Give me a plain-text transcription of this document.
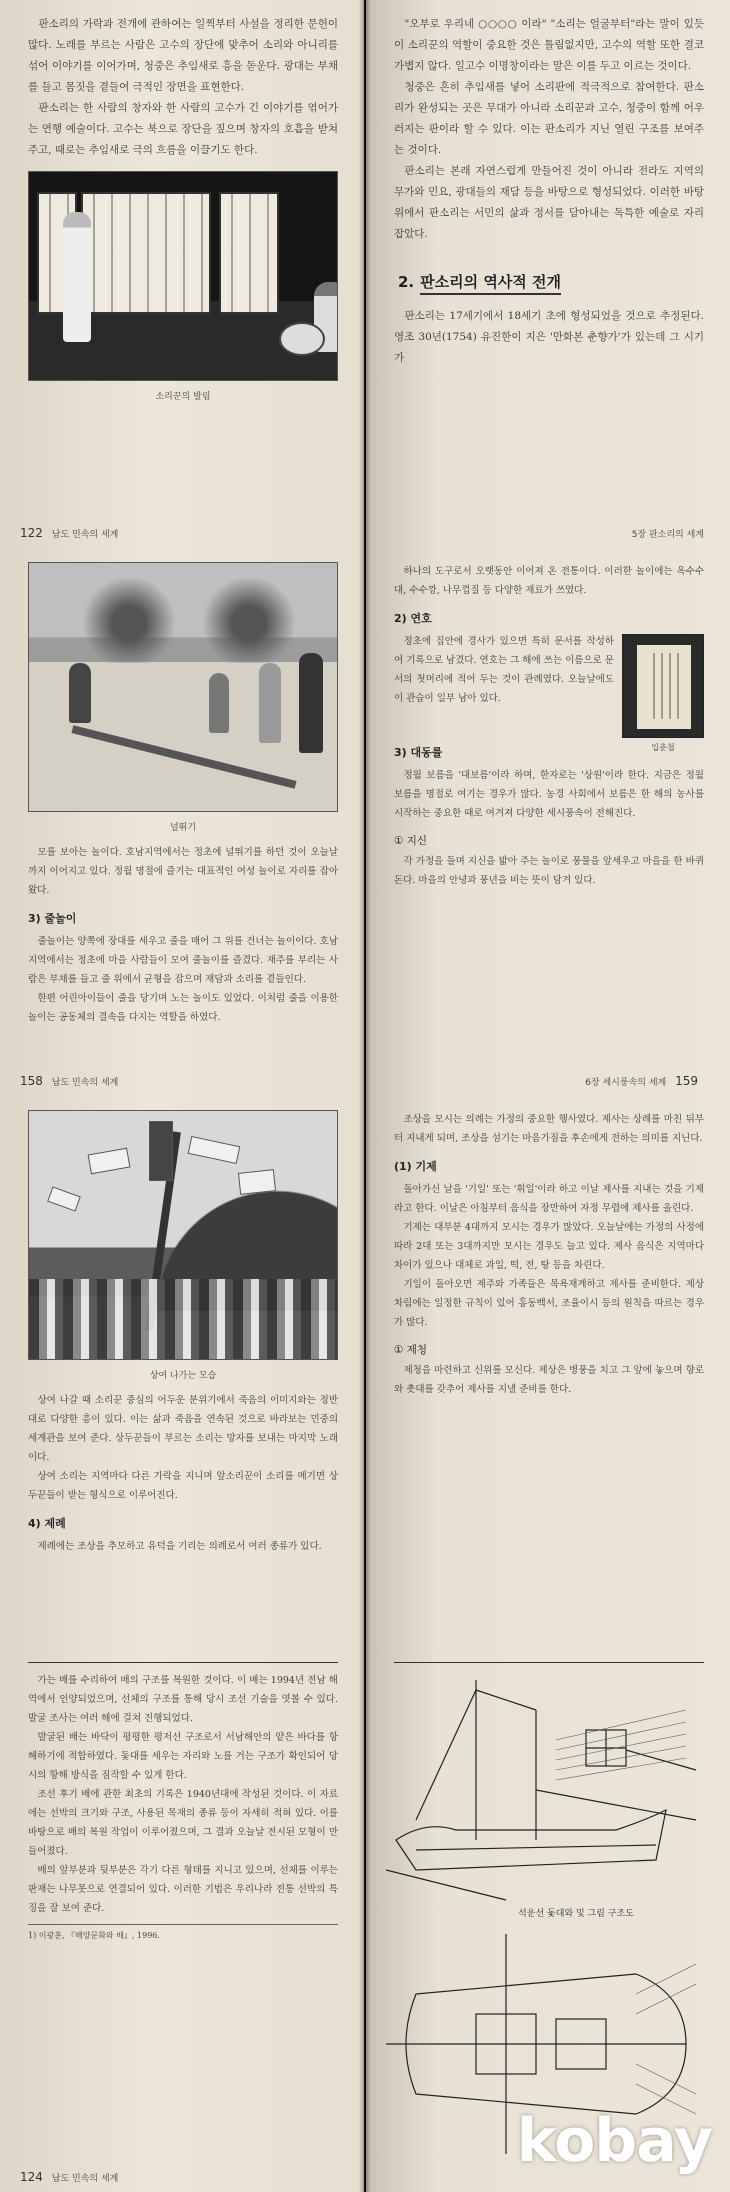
판소리의 가락과 전개에 관하여는 일찍부터 사설을 정리한 문헌이 많다. 노래를 부르는 사람은 고수의 장단에 맞추어 소리와 아니리를 섞어 이야기를 이어가며, 청중은 추임새로 흥을 돋운다. 광대는 부채를 들고 몸짓을 곁들여 극적인 장면을 표현한다.

판소리는 한 사람의 창자와 한 사람의 고수가 긴 이야기를 엮어가는 연행 예술이다. 고수는 북으로 장단을 짚으며 창자의 호흡을 받쳐 주고, 때로는 추임새로 극의 흐름을 이끌기도 한다.

소리꾼의 발림
122 남도 민속의 세계

"오부로 우리네 ○○○○ 이라" "소리는 얼굴부터"라는 말이 있듯이 소리꾼의 역할이 중요한 것은 틀림없지만, 고수의 역할 또한 결코 가볍지 않다. 일고수 이명창이라는 말은 이를 두고 이르는 것이다.

청중은 흔히 추임새를 넣어 소리판에 적극적으로 참여한다. 판소리가 완성되는 곳은 무대가 아니라 소리꾼과 고수, 청중이 함께 어우러지는 판이라 할 수 있다. 이는 판소리가 지닌 열린 구조를 보여주는 것이다.

판소리는 본래 자연스럽게 만들어진 것이 아니라 전라도 지역의 무가와 민요, 광대들의 재담 등을 바탕으로 형성되었다. 이러한 바탕 위에서 판소리는 서민의 삶과 정서를 담아내는 독특한 예술로 자리잡았다.

2. 판소리의 역사적 전개

판소리는 17세기에서 18세기 초에 형성되었을 것으로 추정된다. 영조 30년(1754) 유진한이 지은 '만화본 춘향가'가 있는데 그 시기가

5장 판소리의 세계
널뛰기

모를 보아는 놀이다. 호남지역에서는 정초에 널뛰기를 하던 것이 오늘날까지 이어지고 있다. 정월 명절에 즐기는 대표적인 여성 놀이로 자리를 잡아 왔다.

3) 줄놀이

줄놀이는 양쪽에 장대를 세우고 줄을 매어 그 위를 건너는 놀이이다. 호남지역에서는 정초에 마을 사람들이 모여 줄놀이를 즐겼다. 재주를 부리는 사람은 부채를 들고 줄 위에서 균형을 잡으며 재담과 소리를 곁들인다.

한편 어린아이들이 줄을 당기며 노는 놀이도 있었다. 이처럼 줄을 이용한 놀이는 공동체의 결속을 다지는 역할을 하였다.

158 남도 민속의 세계

하나의 도구로서 오랫동안 이어져 온 전통이다. 이러한 놀이에는 옥수수대, 수수깡, 나무껍질 등 다양한 재료가 쓰였다.

2) 연호
입춘첩

정초에 집안에 경사가 있으면 특히 문서를 작성하여 기록으로 남겼다. 연호는 그 해에 쓰는 이름으로 문서의 첫머리에 적어 두는 것이 관례였다. 오늘날에도 이 관습이 일부 남아 있다.

3) 대동률

정월 보름을 '대보름'이라 하며, 한자로는 '상원'이라 한다. 지금은 정월 보름을 명절로 여기는 경우가 많다. 농경 사회에서 보름은 한 해의 농사를 시작하는 중요한 때로 여겨져 다양한 세시풍속이 전해진다.

① 지신

각 가정을 돌며 지신을 밟아 주는 놀이로 풍물을 앞세우고 마을을 한 바퀴 돈다. 마을의 안녕과 풍년을 비는 뜻이 담겨 있다.

6장 세시풍속의 세계 159
상여 나가는 모습

상여 나갈 때 소리꾼 중심의 어두운 분위기에서 죽음의 이미지와는 정반대로 다양한 흥이 있다. 이는 삶과 죽음을 연속된 것으로 바라보는 민중의 세계관을 보여 준다. 상두꾼들이 부르는 소리는 망자를 보내는 마지막 노래이다.

상여 소리는 지역마다 다른 가락을 지니며 앞소리꾼이 소리를 메기면 상두꾼들이 받는 형식으로 이루어진다.

4) 제례

제례에는 조상을 추모하고 유덕을 기리는 의례로서 여러 종류가 있다.

조상을 모시는 의례는 가정의 중요한 행사였다. 제사는 상례를 마친 뒤부터 지내게 되며, 조상을 섬기는 마음가짐을 후손에게 전하는 의미를 지닌다.

(1) 기제

돌아가신 날을 '기일' 또는 '휘일'이라 하고 이날 제사를 지내는 것을 기제라고 한다. 이날은 아침부터 음식을 장만하여 자정 무렵에 제사를 올린다.

기제는 대부분 4대까지 모시는 경우가 많았다. 오늘날에는 가정의 사정에 따라 2대 또는 3대까지만 모시는 경우도 늘고 있다. 제사 음식은 지역마다 차이가 있으나 대체로 과일, 떡, 전, 탕 등을 차린다.

기일이 돌아오면 제주와 가족들은 목욕재계하고 제사를 준비한다. 제상 차림에는 일정한 규칙이 있어 홍동백서, 조율이시 등의 원칙을 따르는 경우가 많다.

① 제청

제청을 마련하고 신위를 모신다. 제상은 병풍을 치고 그 앞에 놓으며 향로와 촛대를 갖추어 제사를 지낼 준비를 한다.

가는 배를 수리하여 배의 구조를 복원한 것이다. 이 배는 1994년 전남 해역에서 인양되었으며, 선체의 구조를 통해 당시 조선 기술을 엿볼 수 있다. 발굴 조사는 여러 해에 걸쳐 진행되었다.

발굴된 배는 바닥이 평평한 평저선 구조로서 서남해안의 얕은 바다를 항해하기에 적합하였다. 돛대를 세우는 자리와 노를 거는 구조가 확인되어 당시의 항해 방식을 짐작할 수 있게 한다.

조선 후기 배에 관한 최초의 기록은 1940년대에 작성된 것이다. 이 자료에는 선박의 크기와 구조, 사용된 목재의 종류 등이 자세히 적혀 있다. 이를 바탕으로 배의 복원 작업이 이루어졌으며, 그 결과 오늘날 전시된 모형이 만들어졌다.

배의 앞부분과 뒷부분은 각기 다른 형태를 지니고 있으며, 선체를 이루는 판재는 나무못으로 연결되어 있다. 이러한 기법은 우리나라 전통 선박의 특징을 잘 보여 준다.

1) 이광훈, 『해양문화와 배』, 1996.
124 남도 민속의 세계
석운선 돛대와 및 그림 구조도
kobay
